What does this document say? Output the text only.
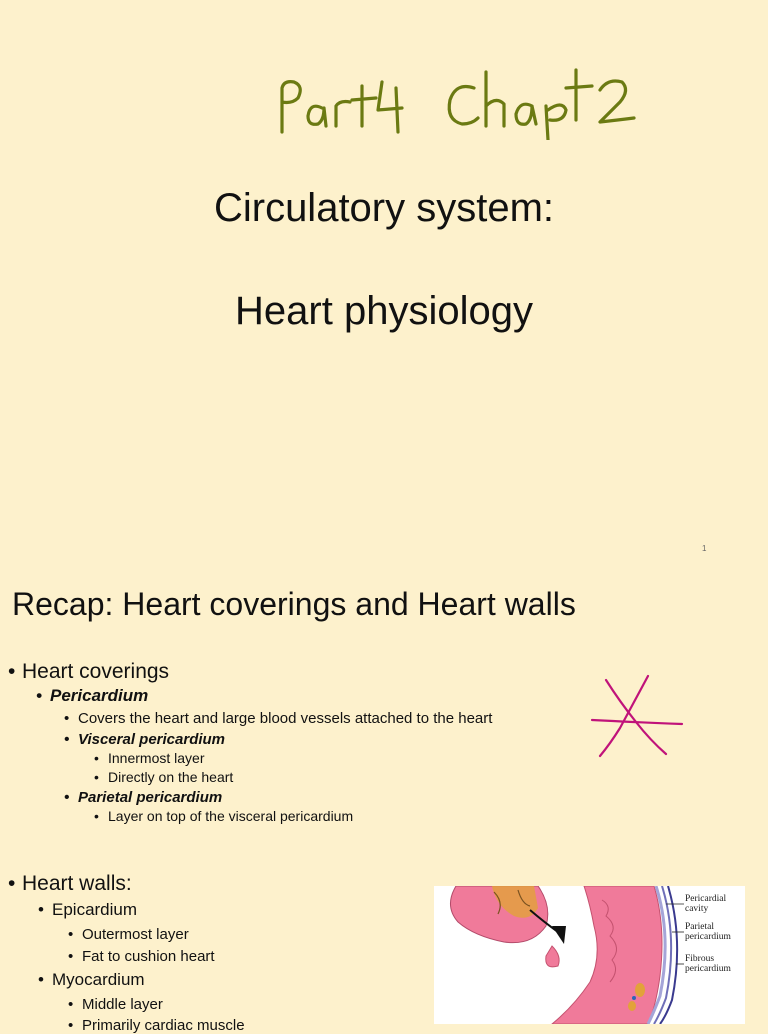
Circulatory system:
Heart physiology
1
Recap: Heart coverings and Heart walls
• Heart coverings
• Pericardium
• Covers the heart and large blood vessels attached to the heart
• Visceral pericardium
• Innermost layer
• Directly on the heart
• Parietal pericardium
• Layer on top of the visceral pericardium
• Heart walls:
• Epicardium
• Outermost layer
• Fat to cushion heart
• Myocardium
• Middle layer
• Primarily cardiac muscle
Pericardial
cavity
Parietal
pericardium
Fibrous
pericardium
